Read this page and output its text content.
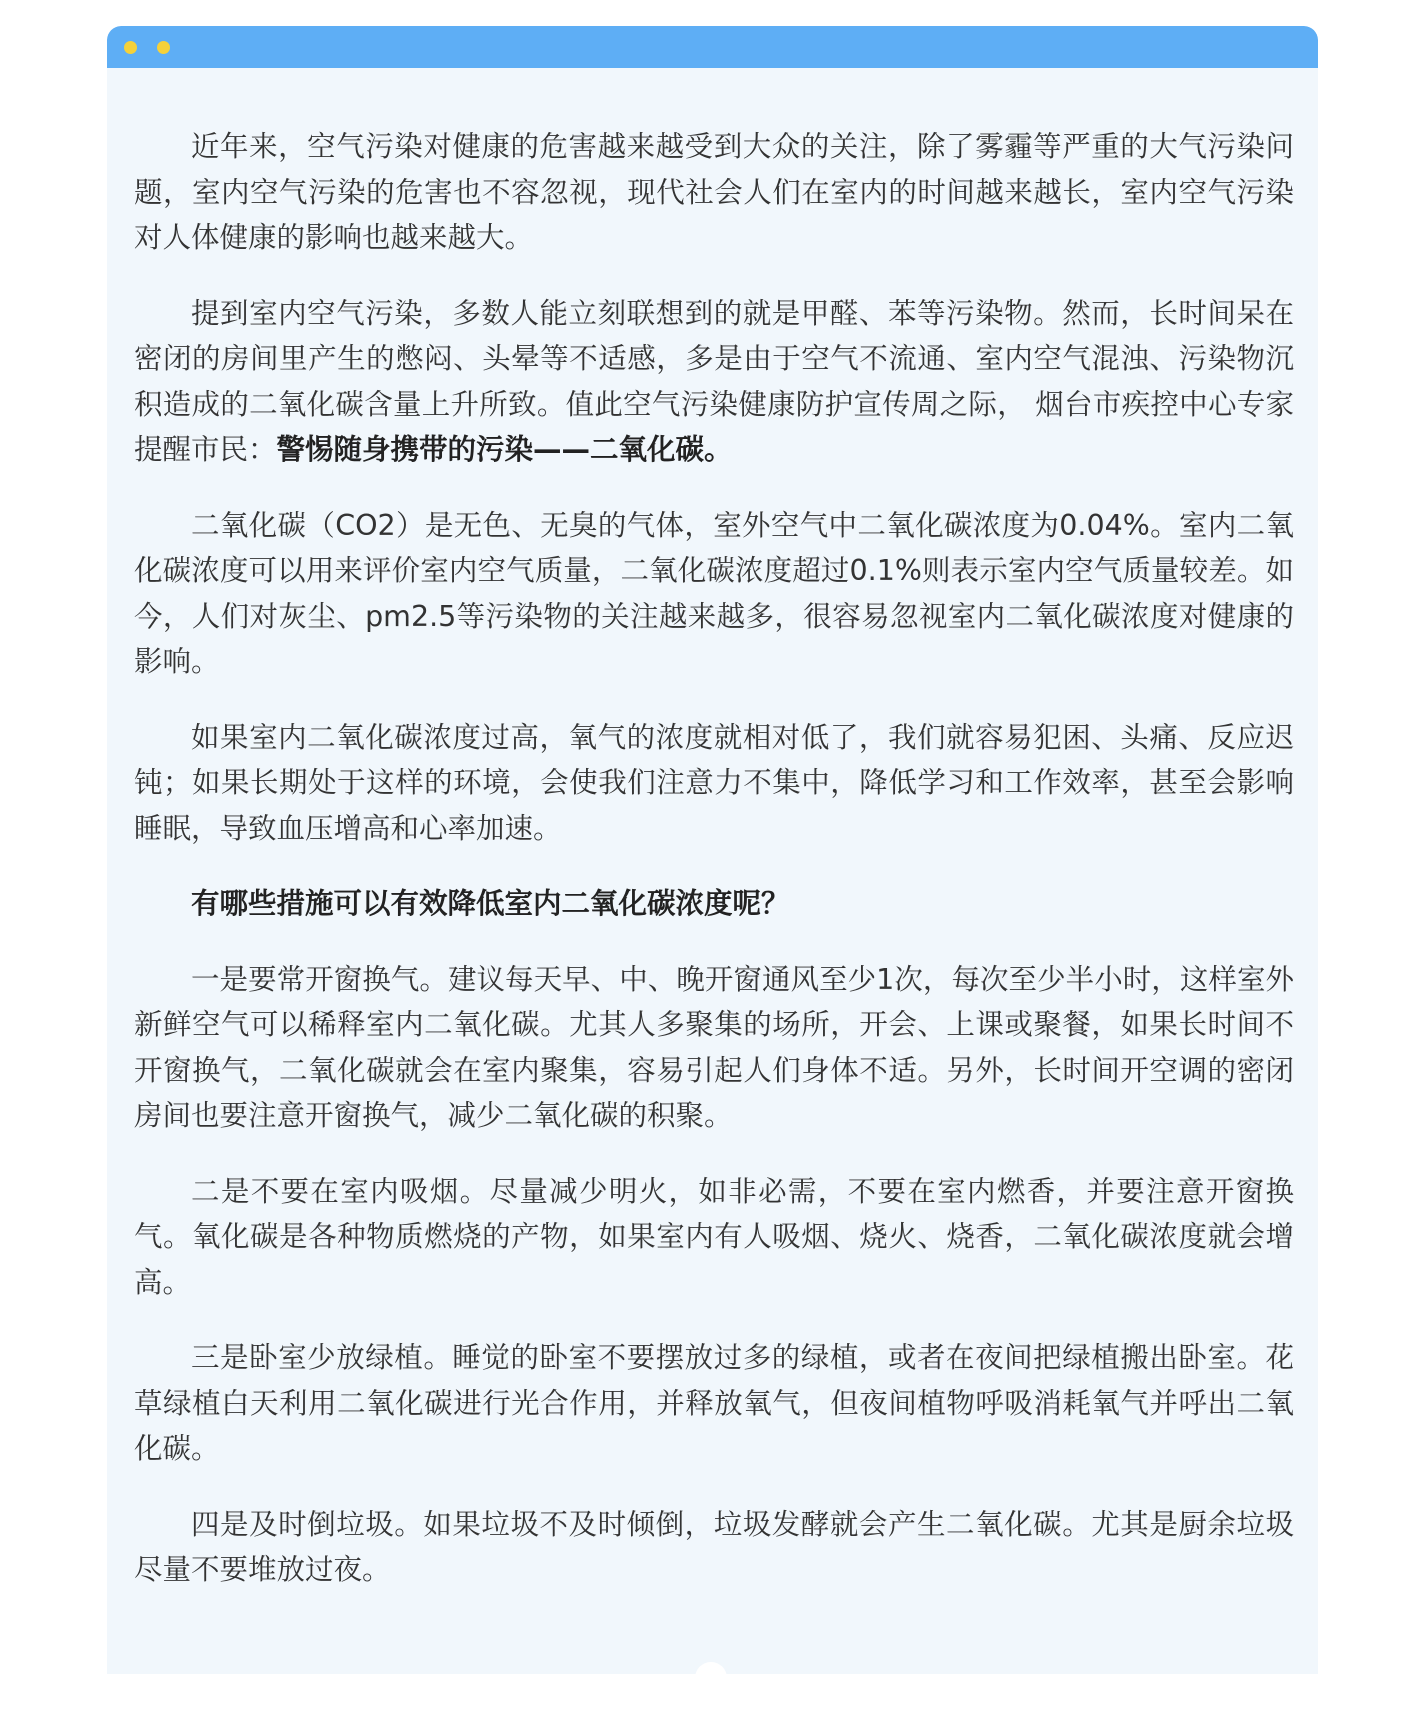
近年来，空气污染对健康的危害越来越受到大众的关注，除了雾霾等严重的大气污染问题，室内空气污染的危害也不容忽视，现代社会人们在室内的时间越来越长，室内空气污染对人体健康的影响也越来越大。

提到室内空气污染，多数人能立刻联想到的就是甲醛、苯等污染物。然而，长时间呆在密闭的房间里产生的憋闷、头晕等不适感，多是由于空气不流通、室内空气混浊、污染物沉积造成的二氧化碳含量上升所致。值此空气污染健康防护宣传周之际， 烟台市疾控中心专家提醒市民：警惕随身携带的污染——二氧化碳。

二氧化碳（CO2）是无色、无臭的气体，室外空气中二氧化碳浓度为0.04%。室内二氧化碳浓度可以用来评价室内空气质量，二氧化碳浓度超过0.1%则表示室内空气质量较差。如今，人们对灰尘、pm2.5等污染物的关注越来越多，很容易忽视室内二氧化碳浓度对健康的影响。

如果室内二氧化碳浓度过高，氧气的浓度就相对低了，我们就容易犯困、头痛、反应迟钝；如果长期处于这样的环境，会使我们注意力不集中，降低学习和工作效率，甚至会影响睡眠，导致血压增高和心率加速。

有哪些措施可以有效降低室内二氧化碳浓度呢？

一是要常开窗换气。建议每天早、中、晚开窗通风至少1次，每次至少半小时，这样室外新鲜空气可以稀释室内二氧化碳。尤其人多聚集的场所，开会、上课或聚餐，如果长时间不开窗换气，二氧化碳就会在室内聚集，容易引起人们身体不适。另外，长时间开空调的密闭房间也要注意开窗换气，减少二氧化碳的积聚。

二是不要在室内吸烟。尽量减少明火，如非必需，不要在室内燃香，并要注意开窗换气。氧化碳是各种物质燃烧的产物，如果室内有人吸烟、烧火、烧香，二氧化碳浓度就会增高。

三是卧室少放绿植。睡觉的卧室不要摆放过多的绿植，或者在夜间把绿植搬出卧室。花草绿植白天利用二氧化碳进行光合作用，并释放氧气，但夜间植物呼吸消耗氧气并呼出二氧化碳。

四是及时倒垃圾。如果垃圾不及时倾倒，垃圾发酵就会产生二氧化碳。尤其是厨余垃圾尽量不要堆放过夜。
